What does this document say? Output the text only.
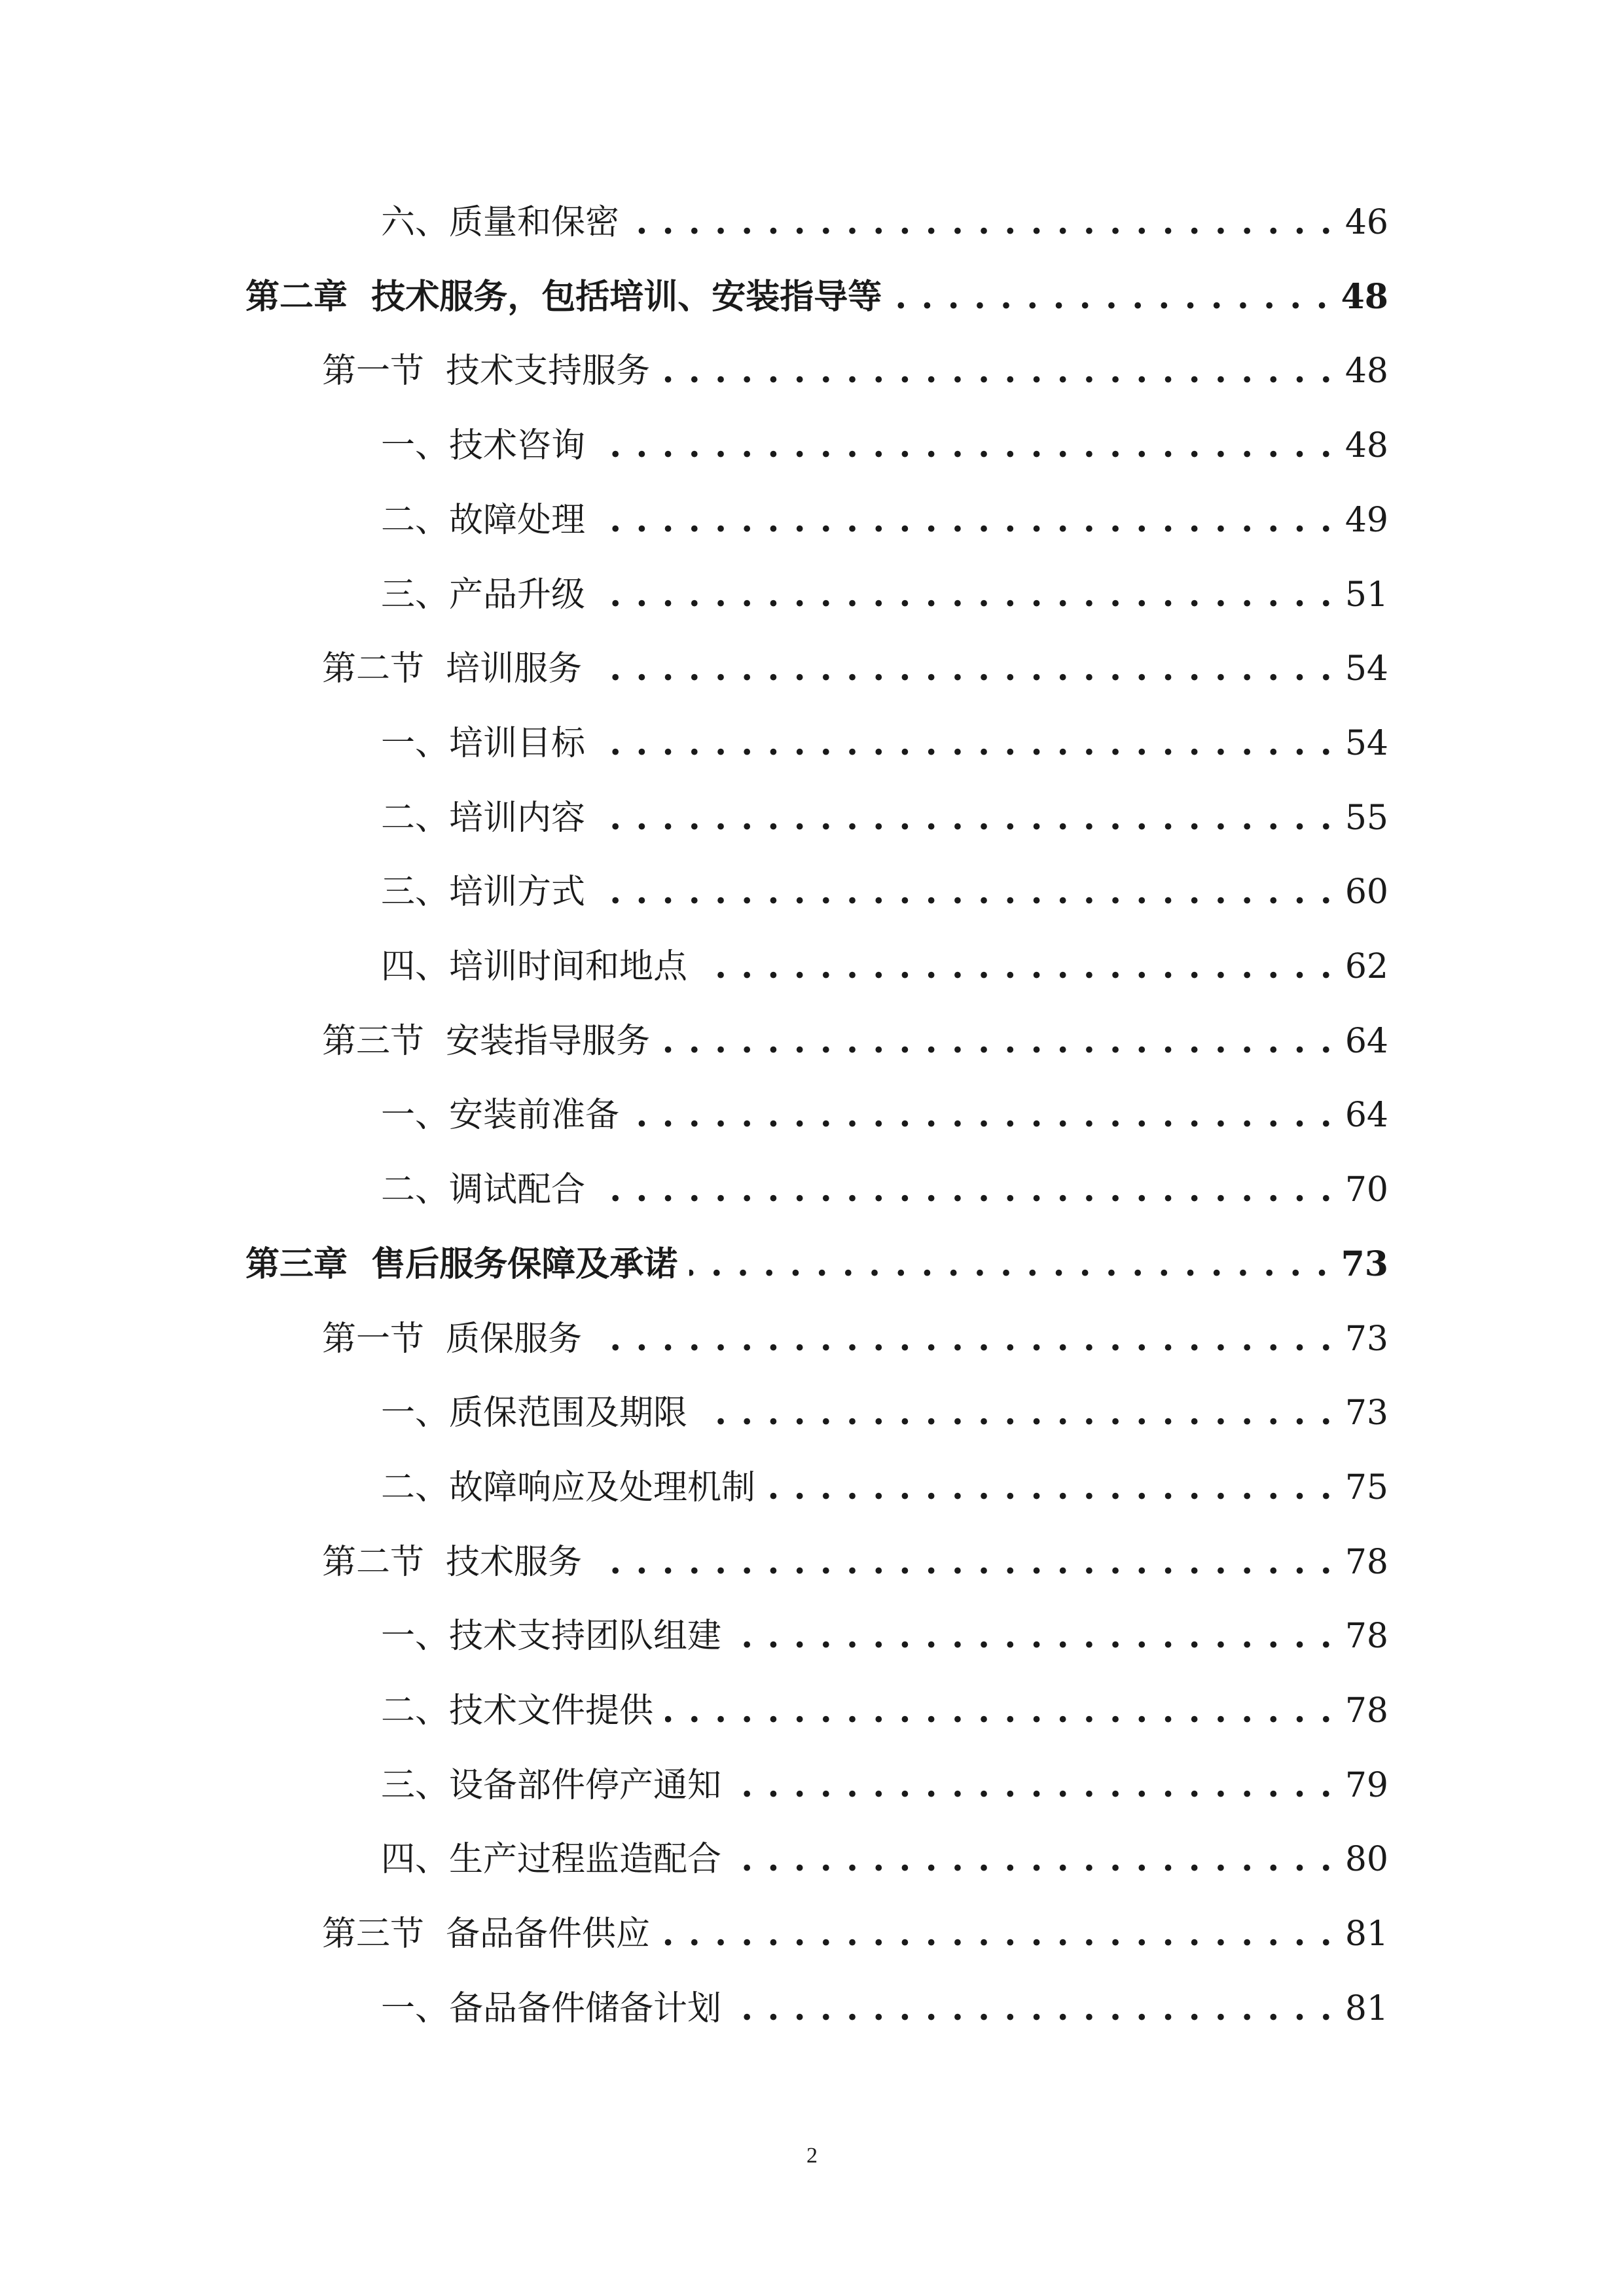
六、质量和保密 . . .	46
第二章  技术服务，包括培训、安装指导等 . . .	48
第一节  技术支持服务 . . .	48
一、技术咨询 . . .	48
二、故障处理 . . .	49
三、产品升级 . . .	51
第二节  培训服务 . . .	54
一、培训目标 . . .	54
二、培训内容 . . .	55
三、培训方式 . . .	60
四、培训时间和地点 . . .	62
第三节  安装指导服务 . . .	64
一、安装前准备 . . .	64
二、调试配合 . . .	70
第三章  售后服务保障及承诺 . . .	73
第一节  质保服务 . . .	73
一、质保范围及期限 . . .	73
二、故障响应及处理机制 . . .	75
第二节  技术服务 . . .	78
一、技术支持团队组建 . . .	78
二、技术文件提供 . . .	78
三、设备部件停产通知 . . .	79
四、生产过程监造配合 . . .	80
第三节  备品备件供应 . . .	81
一、备品备件储备计划 . . .	81
2
